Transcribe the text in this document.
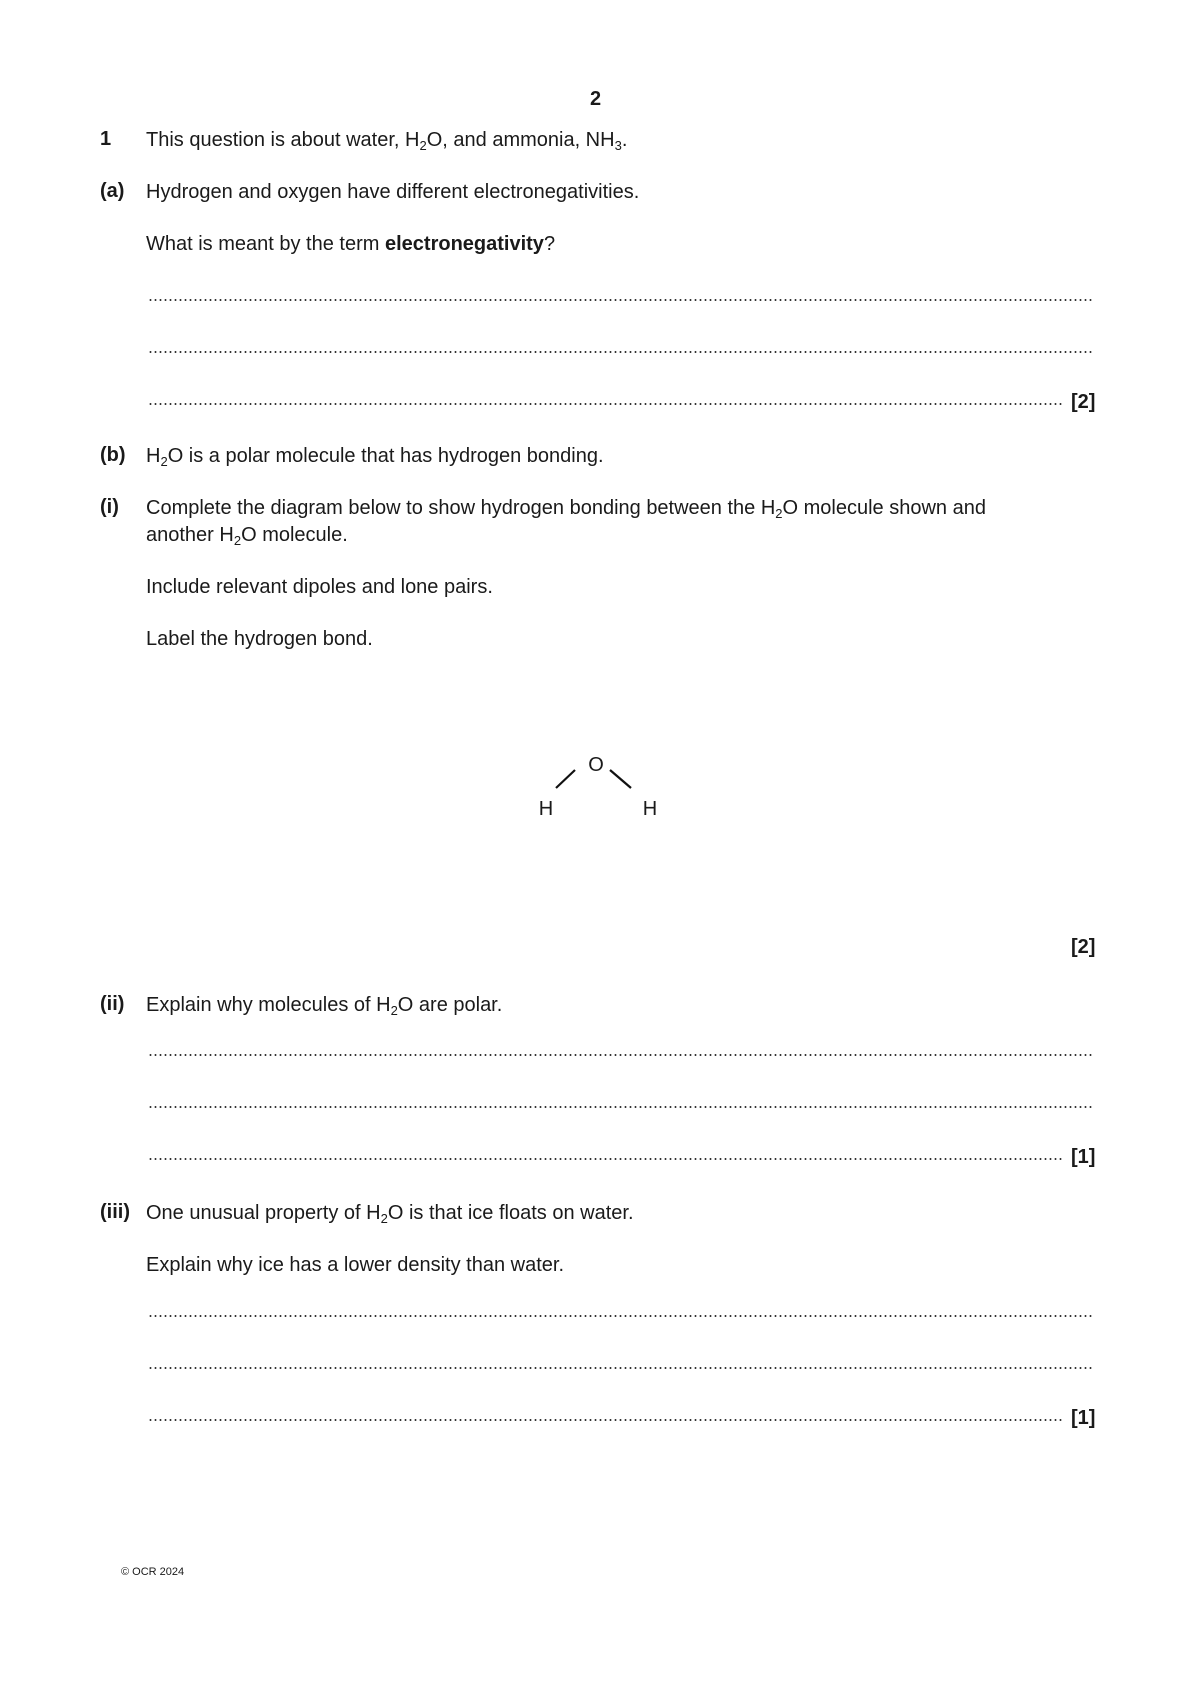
2
1 This question is about water, $H_2O$, and ammonia, $NH_3$.
(a) Hydrogen and oxygen have different electronegativities.
What is meant by the term electronegativity?
[2]
(b) $H_2O$ is a polar molecule that has hydrogen bonding.
(i) Complete the diagram below to show hydrogen bonding between the $H_2O$ molecule shown and
another $H_2O$ molecule.
Include relevant dipoles and lone pairs.
Label the hydrogen bond.
O
H	H
[2]
(ii) Explain why molecules of $H_2O$ are polar.
[1]
(iii) One unusual property of $H_2O$ is that ice floats on water.
Explain why ice has a lower density than water.
[1]
© OCR 2024
